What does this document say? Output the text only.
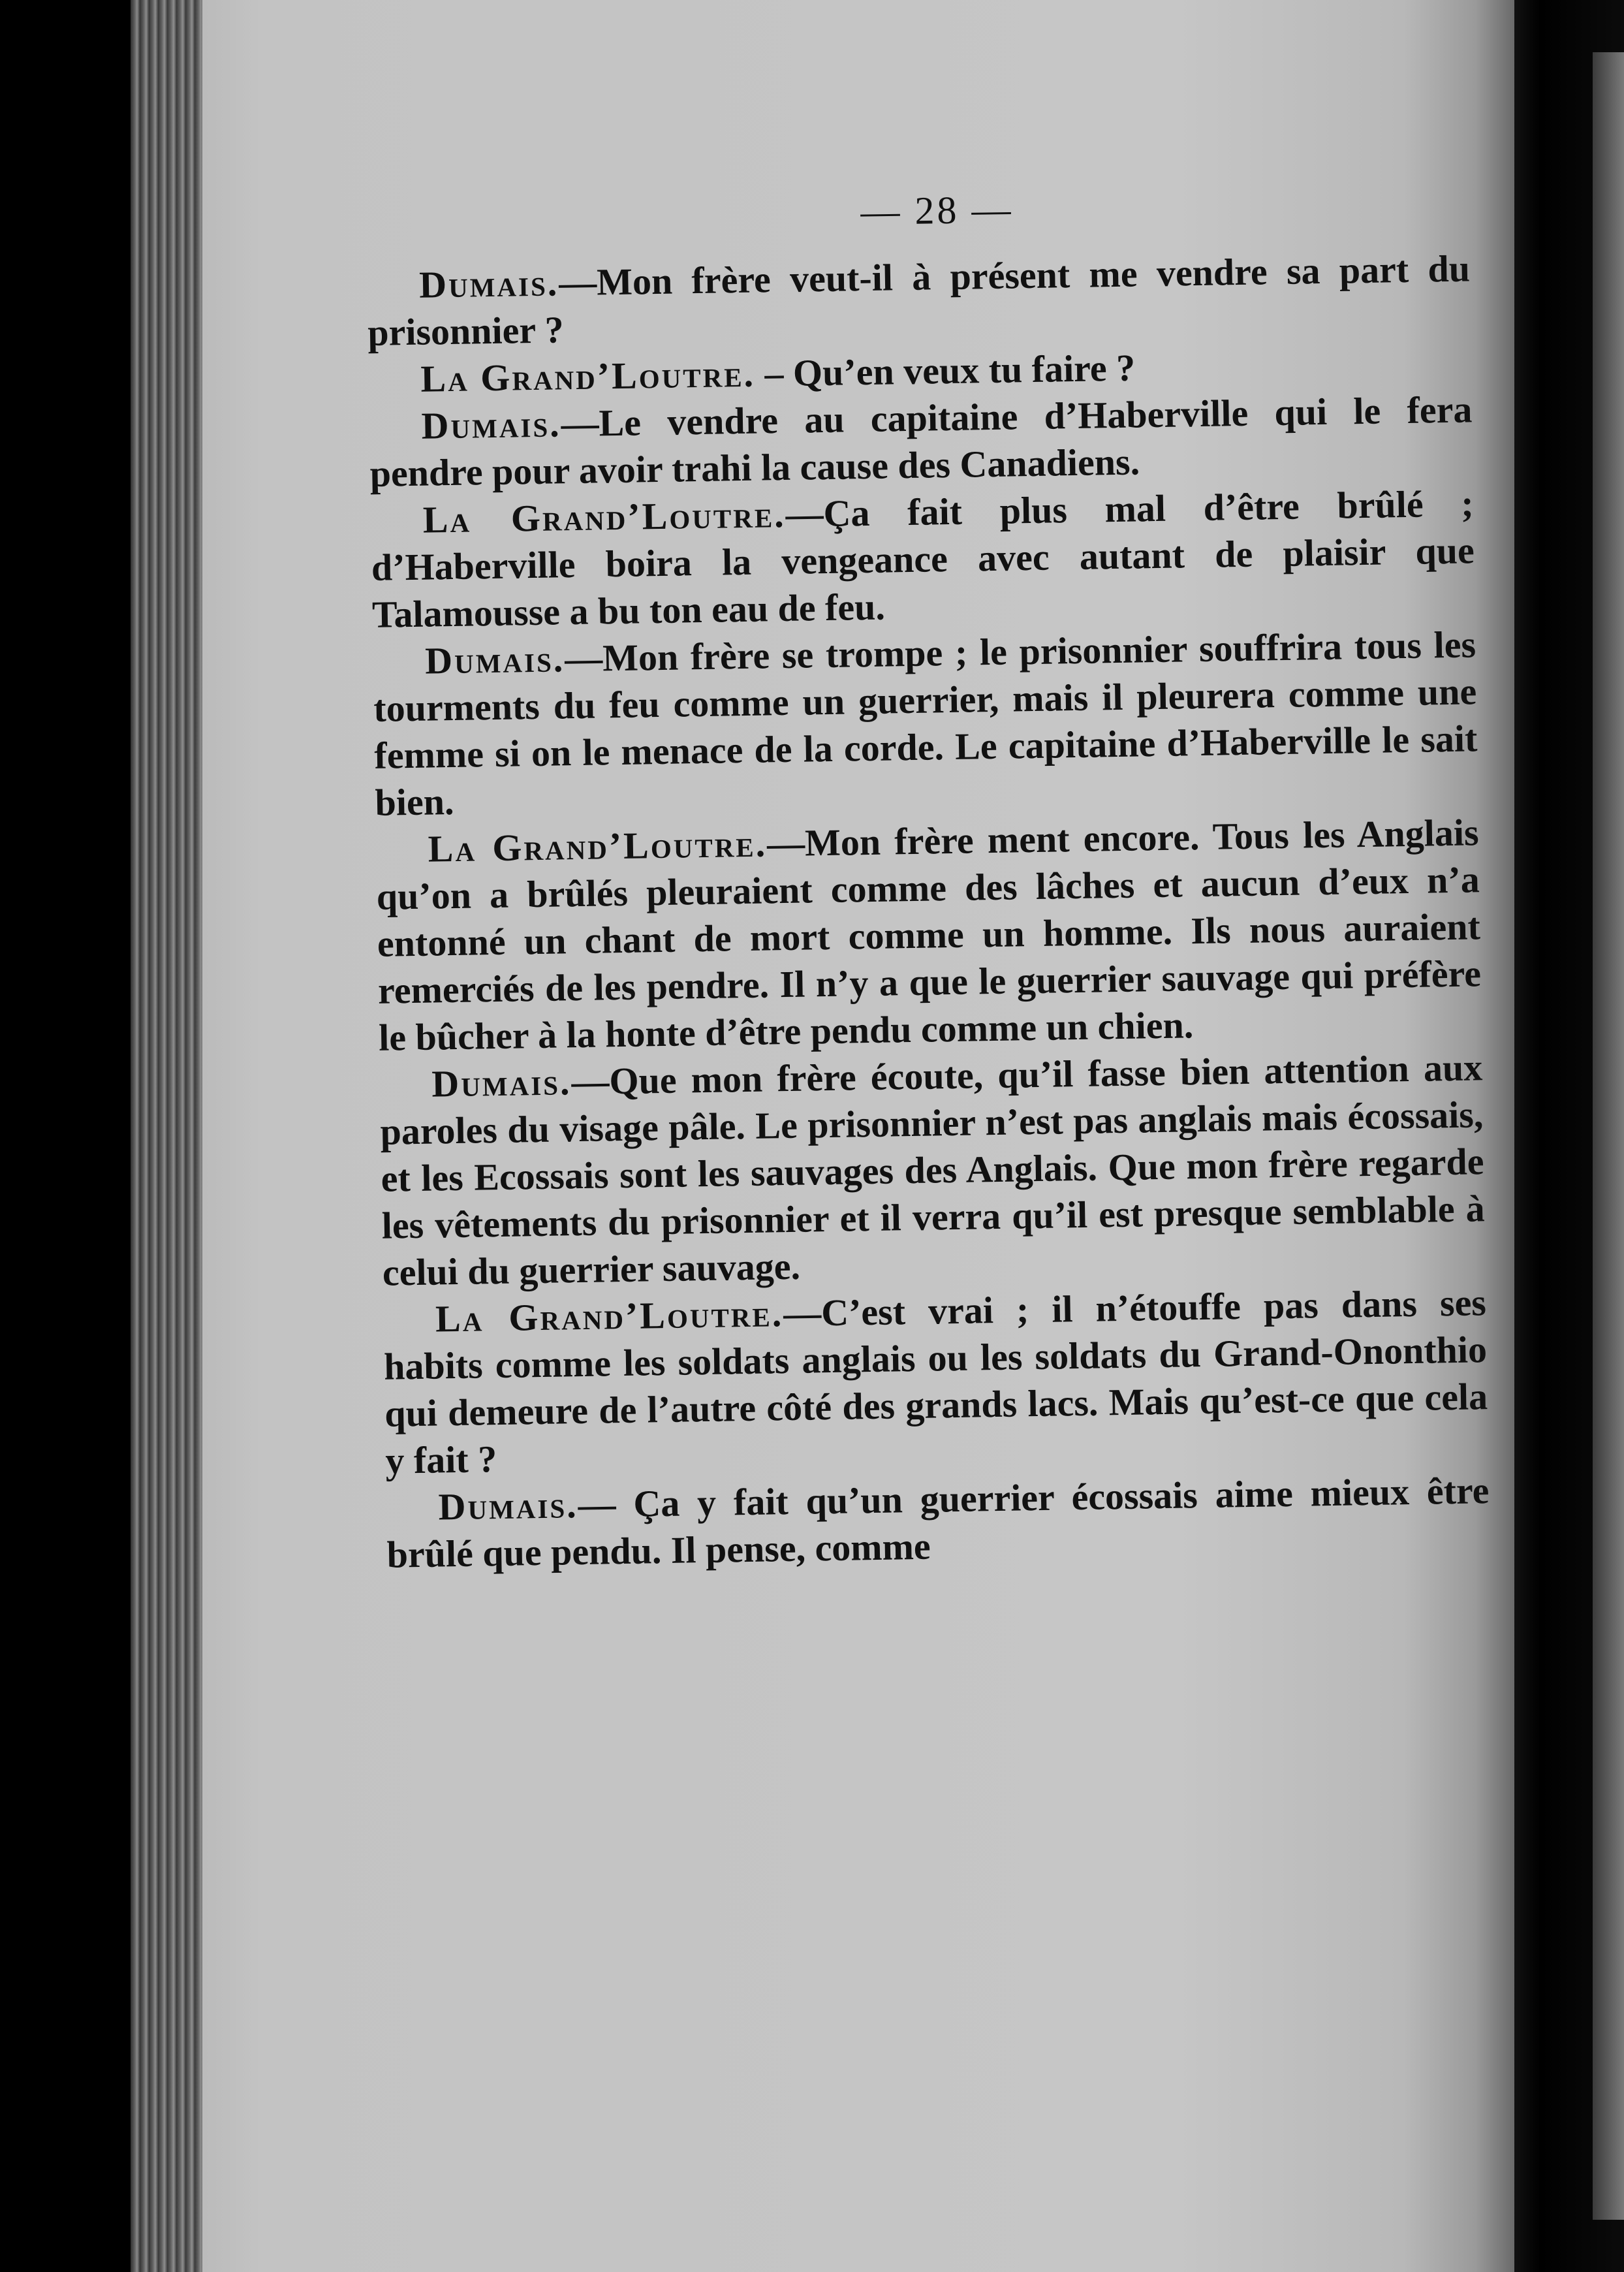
— 28 —

Dumais.—Mon frère veut-il à présent me vendre sa part du prisonnier ?

La Grand’Loutre. – Qu’en veux tu faire ?

Dumais.—Le vendre au capitaine d’Haberville qui le fera pendre pour avoir trahi la cause des Canadiens.

La Grand’Loutre.—Ça fait plus mal d’être brûlé ; d’Haberville boira la vengeance avec autant de plaisir que Talamousse a bu ton eau de feu.

Dumais.—Mon frère se trompe ; le prisonnier souffrira tous les tourments du feu comme un guerrier, mais il pleurera comme une femme si on le menace de la corde. Le capitaine d’Haberville le sait bien.

La Grand’Loutre.—Mon frère ment encore. Tous les Anglais qu’on a brûlés pleuraient comme des lâches et aucun d’eux n’a entonné un chant de mort comme un homme. Ils nous auraient remerciés de les pendre. Il n’y a que le guerrier sauvage qui préfère le bûcher à la honte d’être pendu comme un chien.

Dumais.—Que mon frère écoute, qu’il fasse bien attention aux paroles du visage pâle. Le prisonnier n’est pas anglais mais écossais, et les Ecossais sont les sauvages des Anglais. Que mon frère regarde les vêtements du prisonnier et il verra qu’il est presque semblable à celui du guerrier sauvage.

La Grand’Loutre.—C’est vrai ; il n’étouffe pas dans ses habits comme les soldats anglais ou les soldats du Grand-Ononthio qui demeure de l’autre côté des grands lacs. Mais qu’est-ce que cela y fait ?

Dumais.— Ça y fait qu’un guerrier écossais aime mieux être brûlé que pendu. Il pense, comme
